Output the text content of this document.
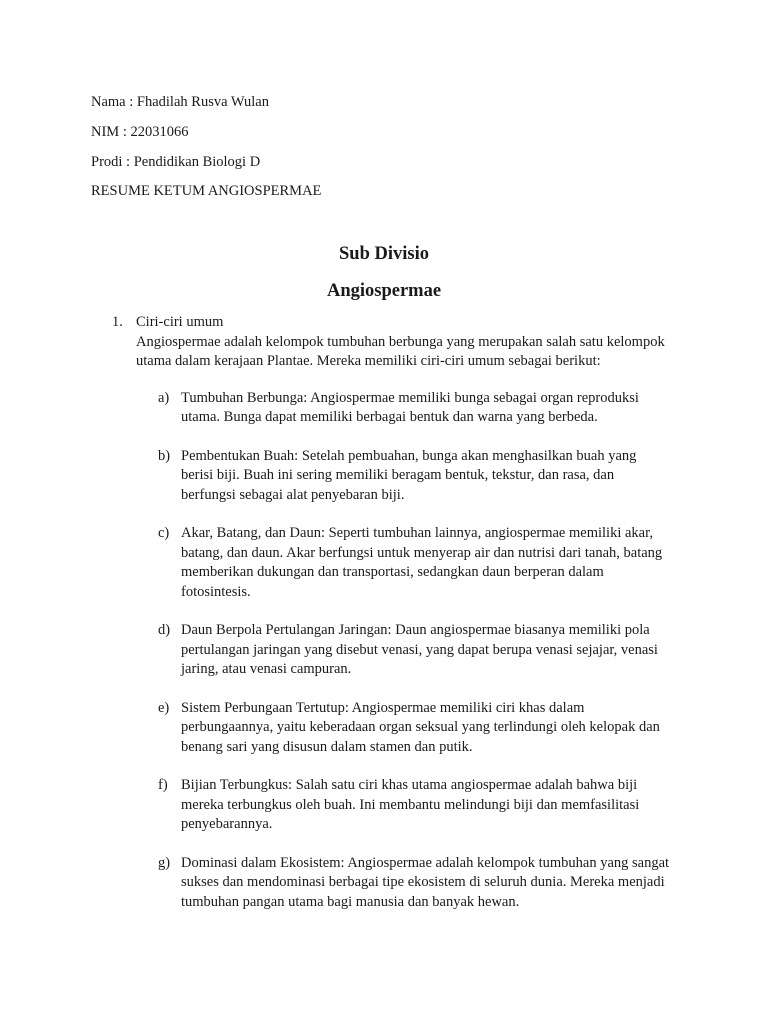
Nama : Fhadilah Rusva Wulan
NIM : 22031066
Prodi : Pendidikan Biologi D
RESUME KETUM ANGIOSPERMAE
Sub Divisio
Angiospermae
1. Ciri-ciri umum
Angiospermae adalah kelompok tumbuhan berbunga yang merupakan salah satu kelompok utama dalam kerajaan Plantae. Mereka memiliki ciri-ciri umum sebagai berikut:
a) Tumbuhan Berbunga: Angiospermae memiliki bunga sebagai organ reproduksi utama. Bunga dapat memiliki berbagai bentuk dan warna yang berbeda.
b) Pembentukan Buah: Setelah pembuahan, bunga akan menghasilkan buah yang berisi biji. Buah ini sering memiliki beragam bentuk, tekstur, dan rasa, dan berfungsi sebagai alat penyebaran biji.
c) Akar, Batang, dan Daun: Seperti tumbuhan lainnya, angiospermae memiliki akar, batang, dan daun. Akar berfungsi untuk menyerap air dan nutrisi dari tanah, batang memberikan dukungan dan transportasi, sedangkan daun berperan dalam fotosintesis.
d) Daun Berpola Pertulangan Jaringan: Daun angiospermae biasanya memiliki pola pertulangan jaringan yang disebut venasi, yang dapat berupa venasi sejajar, venasi jaring, atau venasi campuran.
e) Sistem Perbungaan Tertutup: Angiospermae memiliki ciri khas dalam perbungaannya, yaitu keberadaan organ seksual yang terlindungi oleh kelopak dan benang sari yang disusun dalam stamen dan putik.
f) Bijian Terbungkus: Salah satu ciri khas utama angiospermae adalah bahwa biji mereka terbungkus oleh buah. Ini membantu melindungi biji dan memfasilitasi penyebarannya.
g) Dominasi dalam Ekosistem: Angiospermae adalah kelompok tumbuhan yang sangat sukses dan mendominasi berbagai tipe ekosistem di seluruh dunia. Mereka menjadi tumbuhan pangan utama bagi manusia dan banyak hewan.
